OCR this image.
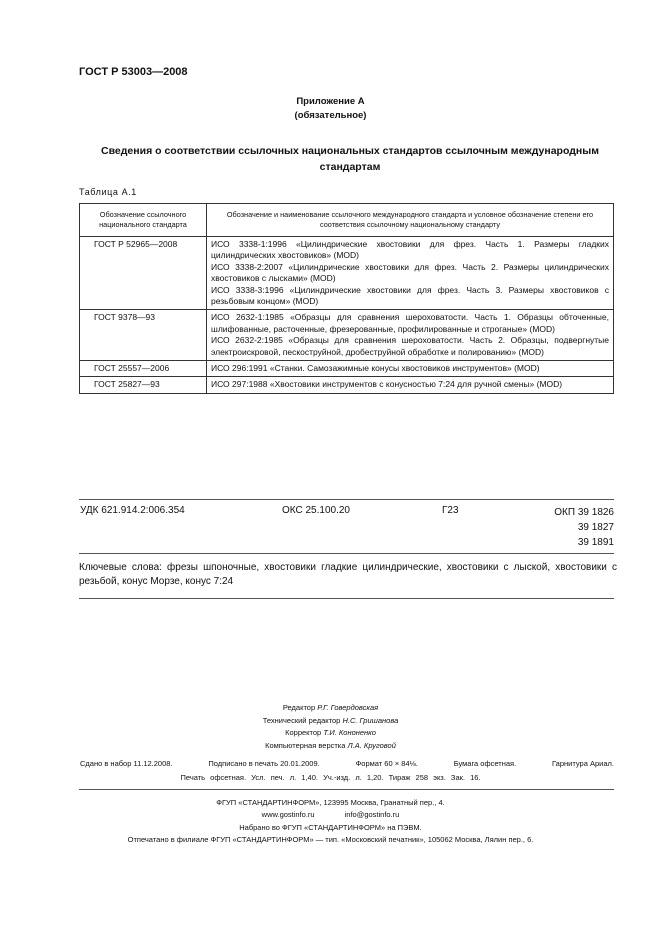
ГОСТ Р 53003—2008
Приложение А
(обязательное)
Сведения о соответствии ссылочных национальных стандартов ссылочным международным стандартам
Таблица А.1
Обозначение ссылочного национального стандарта	Обозначение и наименование ссылочного международного стандарта и условное обозначение степени его соответствия ссылочному национальному стандарту
ГОСТ Р 52965—2008	ИСО 3338-1:1996 «Цилиндрические хвостовики для фрез. Часть 1. Размеры гладких цилиндрических хвостовиков» (MOD)
ИСО 3338-2:2007 «Цилиндрические хвостовики для фрез. Часть 2. Размеры цилиндрических хвостовиков с лысками» (MOD)
ИСО 3338-3:1996 «Цилиндрические хвостовики для фрез. Часть 3. Размеры хвостовиков с резьбовым концом» (MOD)

ГОСТ 9378—93	ИСО 2632-1:1985 «Образцы для сравнения шероховатости. Часть 1. Образцы обточенные, шлифованные, расточенные, фрезерованные, профилированные и строганые» (MOD)
ИСО 2632-2:1985 «Образцы для сравнения шероховатости. Часть 2. Образцы, подвергнутые электроискровой, пескоструйной, дробеструйной обработке и полированию» (MOD)

ГОСТ 25557—2006	ИСО 296:1991 «Станки. Самозажимные конусы хвостовиков инструментов» (MOD)

ГОСТ 25827—93	ИСО 297:1988 «Хвостовики инструментов с конусностью 7:24 для ручной смены» (MOD)
УДК 621.914.2:006.354	ОКС 25.100.20	Г23	ОКП 39 1826
39 1827
39 1891
Ключевые слова: фрезы шпоночные, хвостовики гладкие цилиндрические, хвостовики с лыской, хвостовики с резьбой, конус Морзе, конус 7:24
Редактор Р.Г. Говердовская
Технический редактор Н.С. Гришанова
Корректор Т.И. Кононенко
Компьютерная верстка Л.А. Круговой
Сдано в набор 11.12.2008.	Подписано в печать 20.01.2009.	Формат 60 × 84⅛.	Бумага офсетная.	Гарнитура Ариал.
Печать офсетная. Усл. печ. л. 1,40. Уч.-изд. л. 1,20. Тираж 258 экз. Зак. 16.
ФГУП «СТАНДАРТИНФОРМ», 123995 Москва, Гранатный пер., 4.
www.gostinfo.ru	info@gostinfo.ru
Набрано во ФГУП «СТАНДАРТИНФОРМ» на ПЭВМ.
Отпечатано в филиале ФГУП «СТАНДАРТИНФОРМ» — тип. «Московский печатник», 105062 Москва, Лялин пер., 6.
